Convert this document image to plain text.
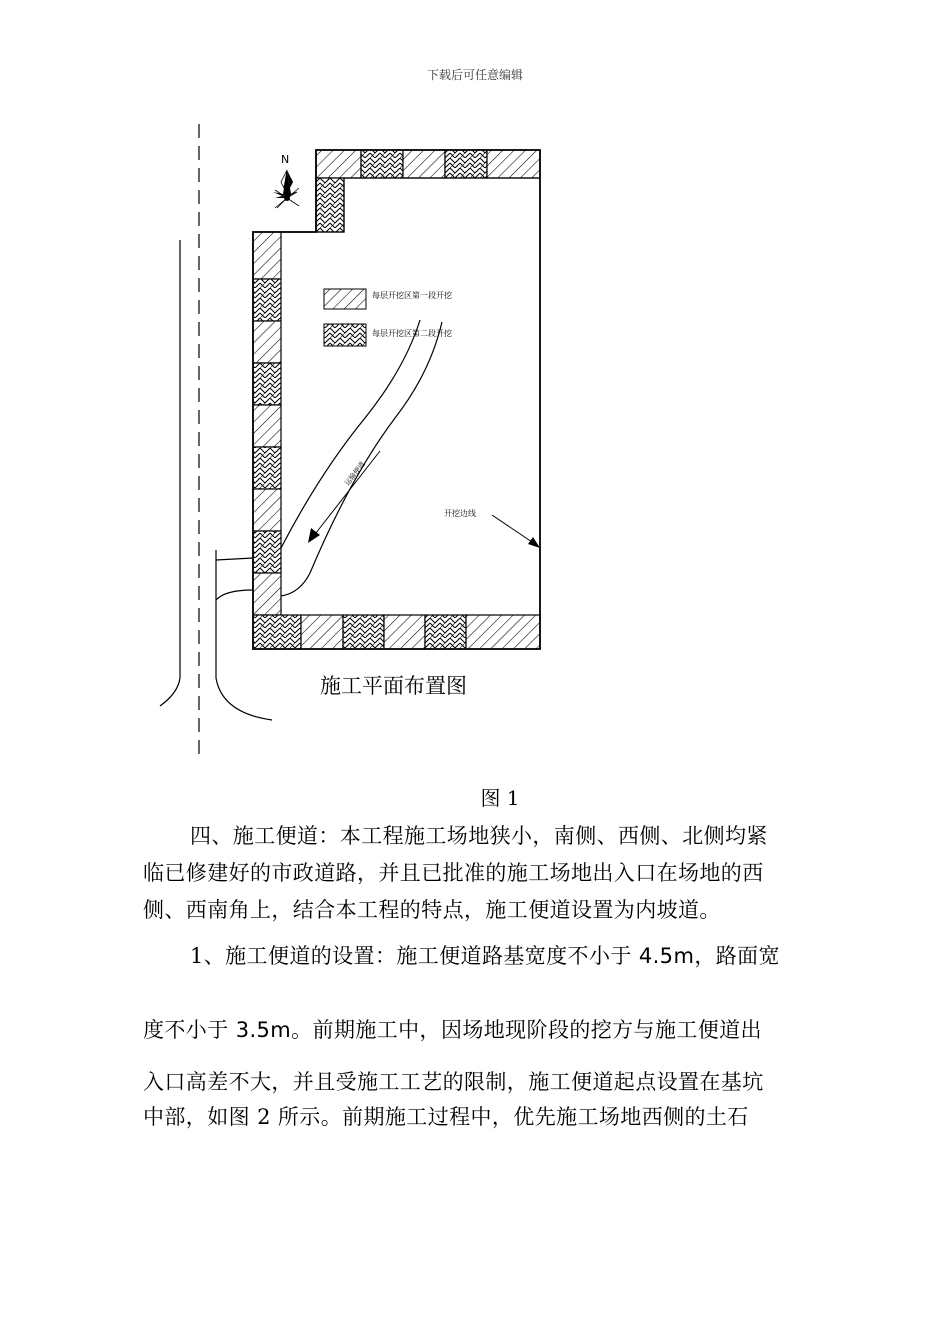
下载后可任意编辑
运输便道
每层开挖区第一段开挖
每层开挖区第二段开挖
开挖边线
N
施工平面布置图
图 1
四、施工便道：本工程施工场地狭小，南侧、西侧、北侧均紧
临已修建好的市政道路，并且已批准的施工场地出入口在场地的西
侧、西南角上，结合本工程的特点，施工便道设置为内坡道。
1、施工便道的设置：施工便道路基宽度不小于 4.5m，路面宽
度不小于 3.5m。前期施工中，因场地现阶段的挖方与施工便道出
入口高差不大，并且受施工工艺的限制，施工便道起点设置在基坑
中部，如图 2 所示。前期施工过程中，优先施工场地西侧的土石
